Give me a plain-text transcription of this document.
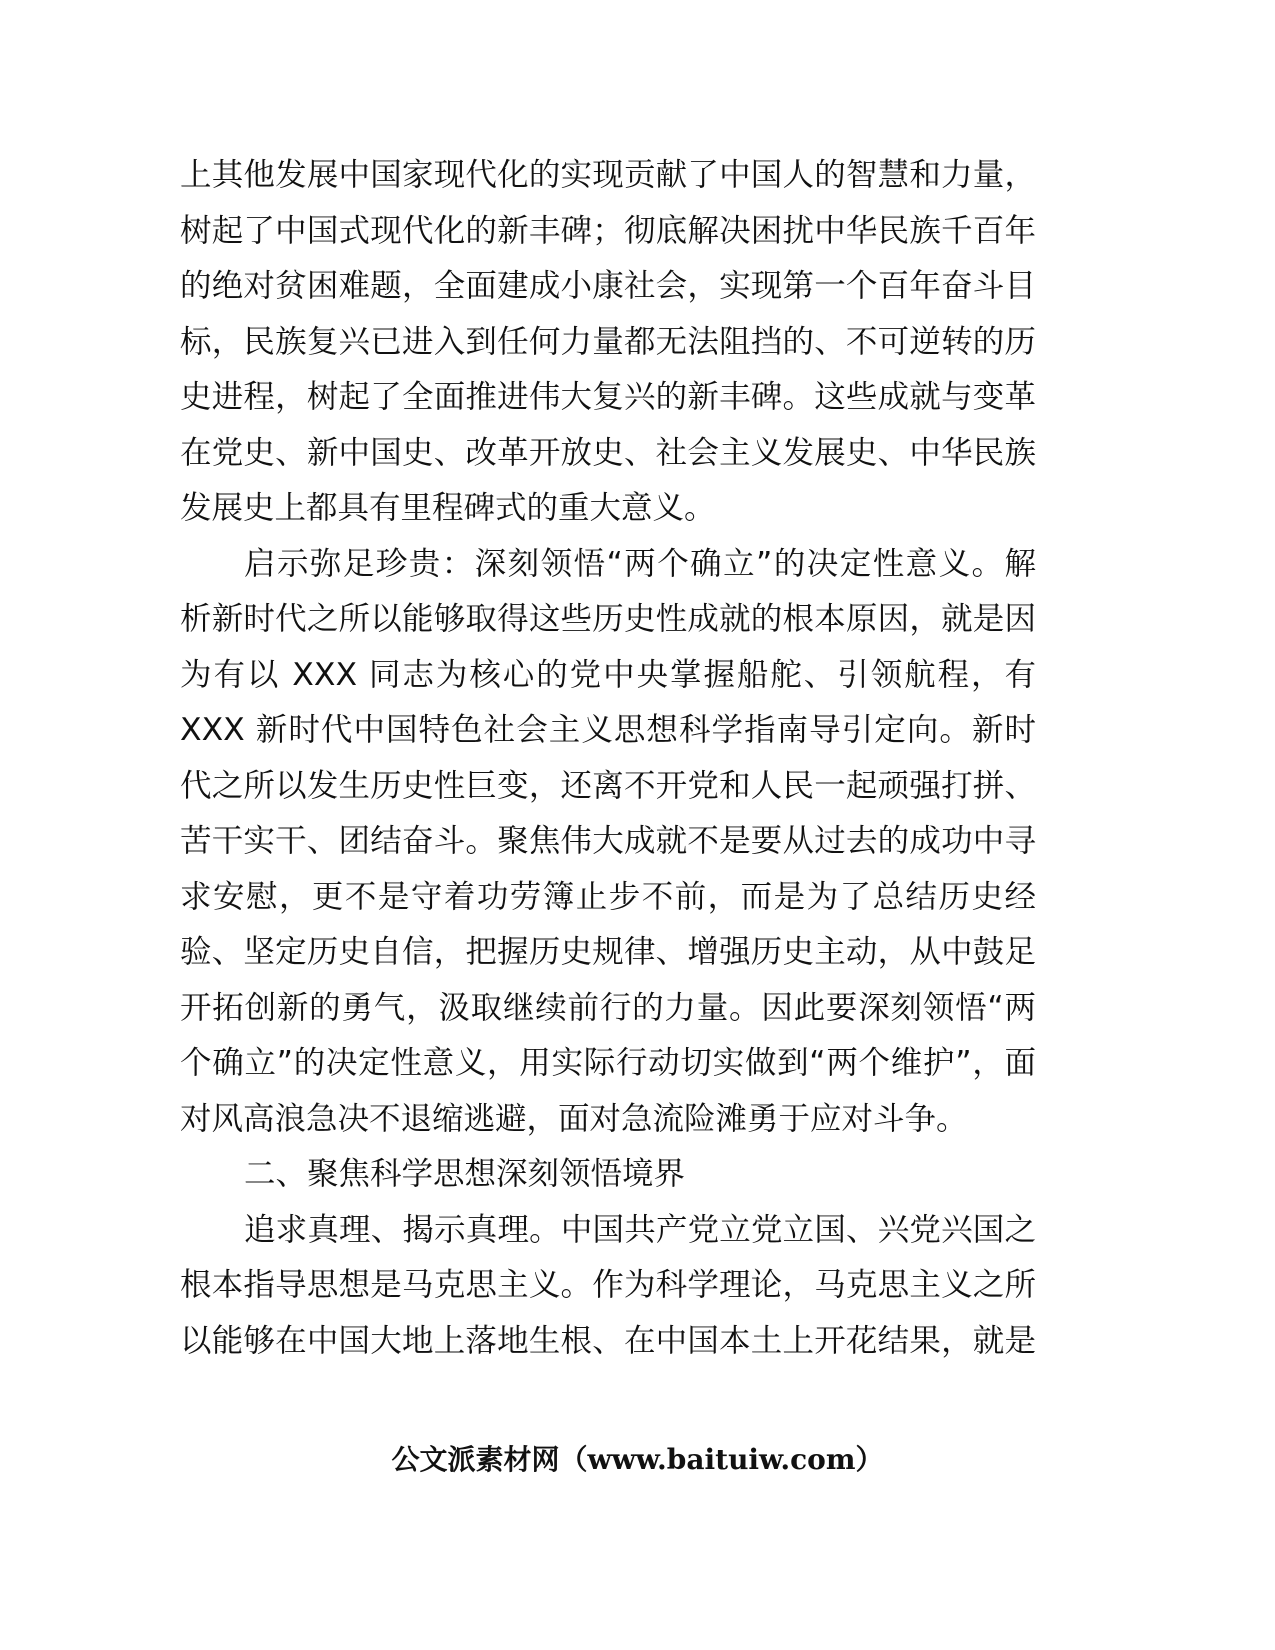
上其他发展中国家现代化的实现贡献了中国人的智慧和力量，
树起了中国式现代化的新丰碑；彻底解决困扰中华民族千百年
的绝对贫困难题，全面建成小康社会，实现第一个百年奋斗目
标，民族复兴已进入到任何力量都无法阻挡的、不可逆转的历
史进程，树起了全面推进伟大复兴的新丰碑。这些成就与变革
在党史、新中国史、改革开放史、社会主义发展史、中华民族
发展史上都具有里程碑式的重大意义。
启示弥足珍贵：深刻领悟“两个确立”的决定性意义。解
析新时代之所以能够取得这些历史性成就的根本原因，就是因
为有以 XXX 同志为核心的党中央掌握船舵、引领航程，有
XXX 新时代中国特色社会主义思想科学指南导引定向。新时
代之所以发生历史性巨变，还离不开党和人民一起顽强打拼、
苦干实干、团结奋斗。聚焦伟大成就不是要从过去的成功中寻
求安慰，更不是守着功劳簿止步不前，而是为了总结历史经
验、坚定历史自信，把握历史规律、增强历史主动，从中鼓足
开拓创新的勇气，汲取继续前行的力量。因此要深刻领悟“两
个确立”的决定性意义，用实际行动切实做到“两个维护”，面
对风高浪急决不退缩逃避，面对急流险滩勇于应对斗争。
二、聚焦科学思想深刻领悟境界
追求真理、揭示真理。中国共产党立党立国、兴党兴国之
根本指导思想是马克思主义。作为科学理论，马克思主义之所
以能够在中国大地上落地生根、在中国本土上开花结果，就是
公文派素材网（www.baituiw.com）
